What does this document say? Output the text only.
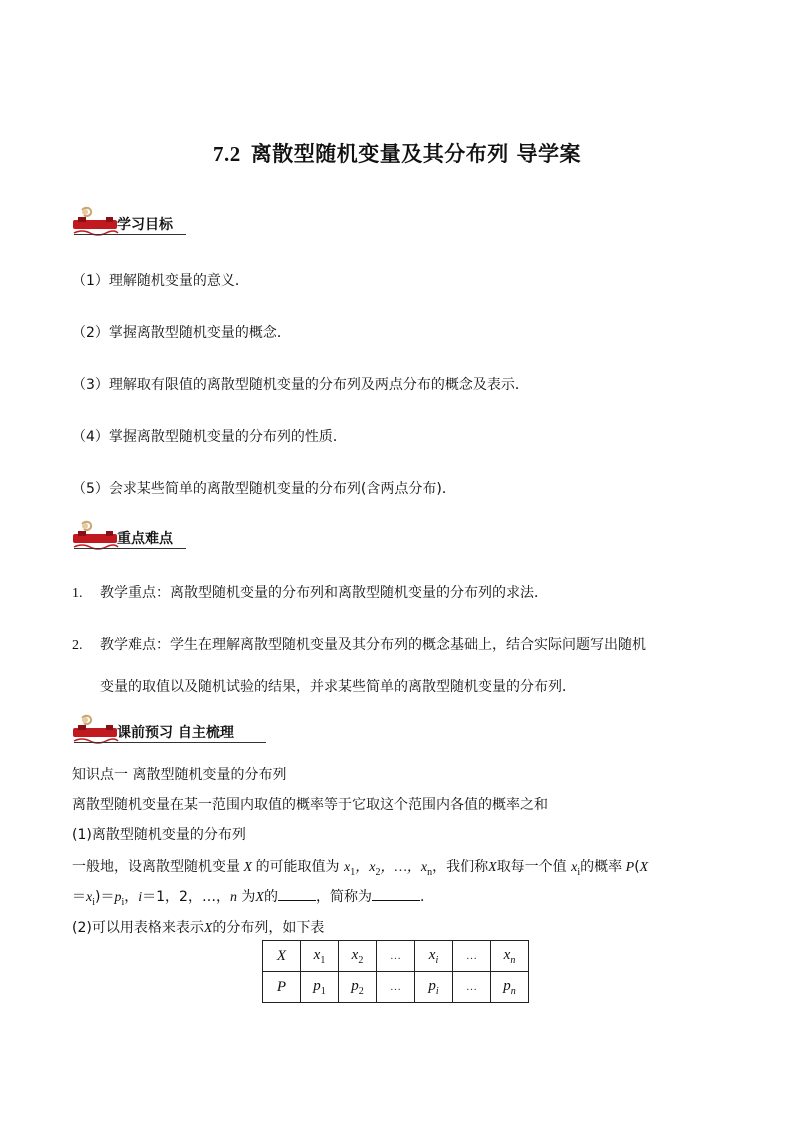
7.2 离散型随机变量及其分布列 导学案
学习目标
（1）理解随机变量的意义．
（2）掌握离散型随机变量的概念．
（3）理解取有限值的离散型随机变量的分布列及两点分布的概念及表示．
（4）掌握离散型随机变量的分布列的性质．
（5）会求某些简单的离散型随机变量的分布列(含两点分布)．
重点难点
1. 教学重点：离散型随机变量的分布列和离散型随机变量的分布列的求法．
2. 教学难点：学生在理解离散型随机变量及其分布列的概念基础上，结合实际问题写出随机
变量的取值以及随机试验的结果，并求某些简单的离散型随机变量的分布列．
课前预习 自主梳理
知识点一 离散型随机变量的分布列
离散型随机变量在某一范围内取值的概率等于它取这个范围内各值的概率之和
(1)离散型随机变量的分布列
一般地，设离散型随机变量 X 的可能取值为 $x_1$，$x_2$，…，$x_n$，我们称X取每一个值 $x_i$的概率 P(X
$=x_i)=p_i$，i＝1，2，…，n 为X的	，简称为	．
(2)可以用表格来表示X的分布列，如下表
X	$x_1$	$x_2$	…	$x_i$	…	$x_n$
P	$p_1$	$p_2$	…	$p_i$	…	$p_n$
